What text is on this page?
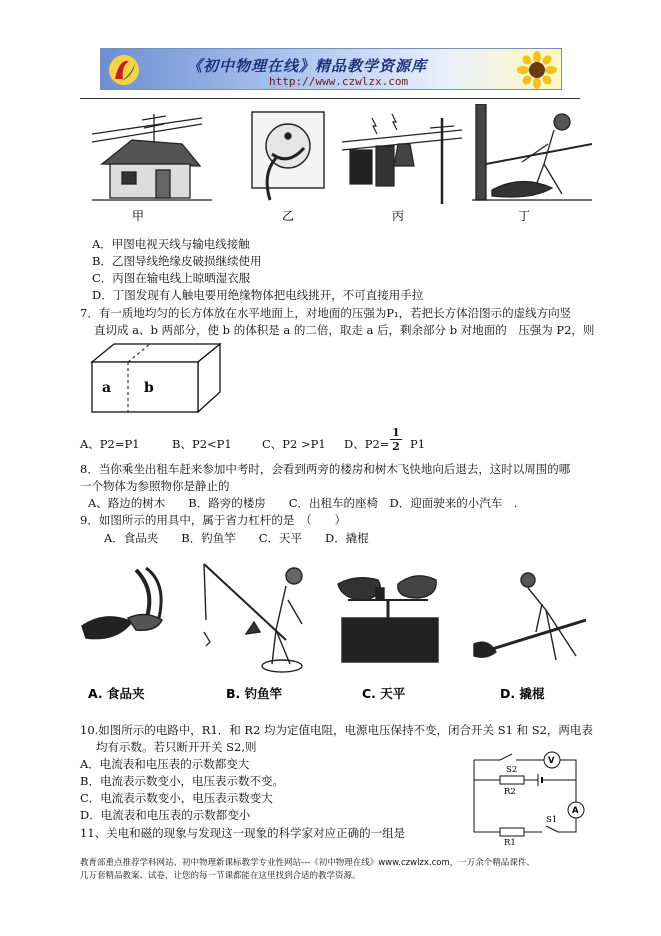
《初中物理在线》精品教学资源库
http://www.czwlzx.com
甲	乙	丙	丁
A．甲图电视天线与输电线接触
B．乙图导线绝缘皮破损继续使用
C．丙图在输电线上晾晒湿衣服
D．丁图发现有人触电要用绝缘物体把电线挑开，不可直接用手拉
7．有一质地均匀的长方体放在水平地面上，对地面的压强为P₁，若把长方体沿图示的虚线方向竖
直切成 a、b 两部分，使 b 的体积是 a 的二倍，取走 a 后，剩余部分 b 对地面的　压强为 P2，则
a b
A、P2=P1	B、P2<P1	C、P2 >P1 D、$P2= \frac{1}{2} P1$
8．当你乘坐出租车赶来参加中考时，会看到两旁的楼房和树木飞快地向后退去，这时以周围的哪
一个物体为参照物你是静止的
A、路边的树木　　B．路旁的楼房　　C．出租车的座椅　D．迎面驶来的小汽车　.
9．如图所示的用具中，属于省力杠杆的是　（　　）
A．食品夹　　B．钓鱼竿　　C．天平　　D．撬棍
A. 食品夹	B. 钓鱼竿	C. 天平	D. 撬棍
10.如图所示的电路中，R1．和 R2 均为定值电阻，电源电压保持不变，闭合开关 S1 和 S2，两电表
均有示数。若只断开开关 S2,则
A．电流表和电压表的示数都变大
B．电流表示数变小，电压表示数不变。
C．电流表示数变小，电压表示数变大
D．电流表和电压表的示数都变小
S2
V
R2
A
S1
R1
11、关电和磁的现象与发现这一现象的科学家对应正确的一组是
教育部重点推荐学科网站、初中物理新课标教学专业性网站---《初中物理在线》www.czwlzx.com，一万余个精品课件、
几万套精品教案、试卷，让您的每一节课都能在这里找到合适的教学资源。
